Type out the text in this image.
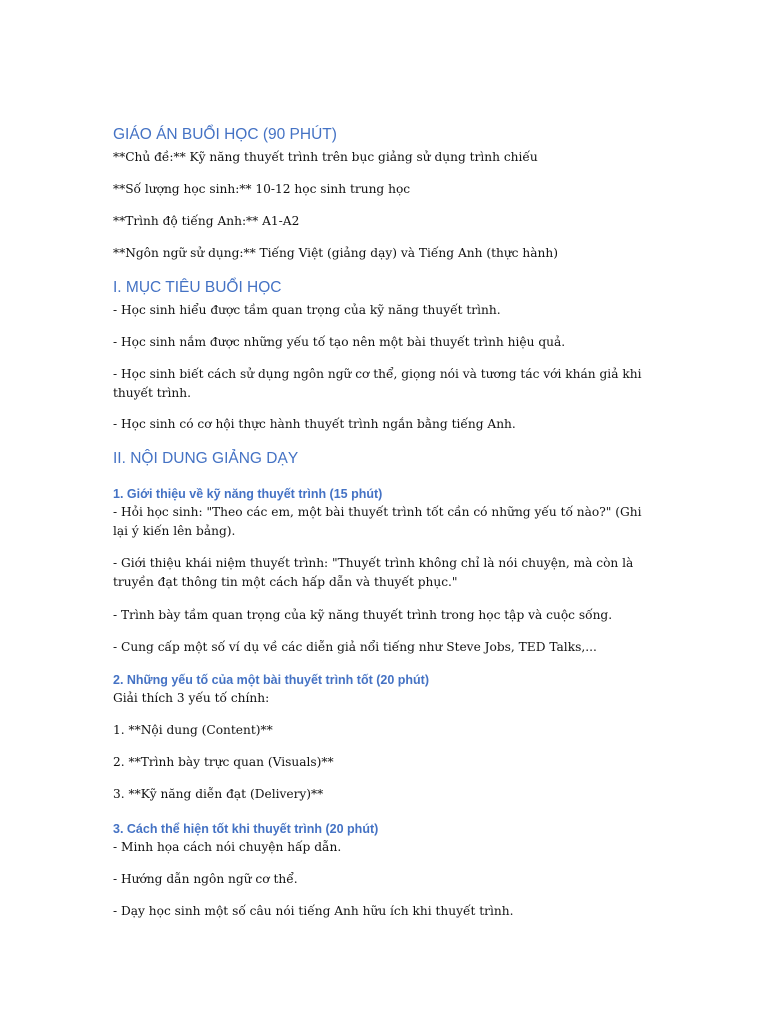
GIÁO ÁN BUỔI HỌC (90 PHÚT)
**Chủ đề:** Kỹ năng thuyết trình trên bục giảng sử dụng trình chiếu
**Số lượng học sinh:** 10-12 học sinh trung học
**Trình độ tiếng Anh:** A1-A2
**Ngôn ngữ sử dụng:** Tiếng Việt (giảng dạy) và Tiếng Anh (thực hành)
I. MỤC TIÊU BUỔI HỌC
- Học sinh hiểu được tầm quan trọng của kỹ năng thuyết trình.
- Học sinh nắm được những yếu tố tạo nên một bài thuyết trình hiệu quả.
- Học sinh biết cách sử dụng ngôn ngữ cơ thể, giọng nói và tương tác với khán giả khi thuyết trình.
- Học sinh có cơ hội thực hành thuyết trình ngắn bằng tiếng Anh.
II. NỘI DUNG GIẢNG DẠY
1. Giới thiệu về kỹ năng thuyết trình (15 phút)
- Hỏi học sinh: "Theo các em, một bài thuyết trình tốt cần có những yếu tố nào?" (Ghi lại ý kiến lên bảng).
- Giới thiệu khái niệm thuyết trình: "Thuyết trình không chỉ là nói chuyện, mà còn là truyền đạt thông tin một cách hấp dẫn và thuyết phục."
- Trình bày tầm quan trọng của kỹ năng thuyết trình trong học tập và cuộc sống.
- Cung cấp một số ví dụ về các diễn giả nổi tiếng như Steve Jobs, TED Talks,...
2. Những yếu tố của một bài thuyết trình tốt (20 phút)
Giải thích 3 yếu tố chính:
1. **Nội dung (Content)**
2. **Trình bày trực quan (Visuals)**
3. **Kỹ năng diễn đạt (Delivery)**
3. Cách thể hiện tốt khi thuyết trình (20 phút)
- Minh họa cách nói chuyện hấp dẫn.
- Hướng dẫn ngôn ngữ cơ thể.
- Dạy học sinh một số câu nói tiếng Anh hữu ích khi thuyết trình.
